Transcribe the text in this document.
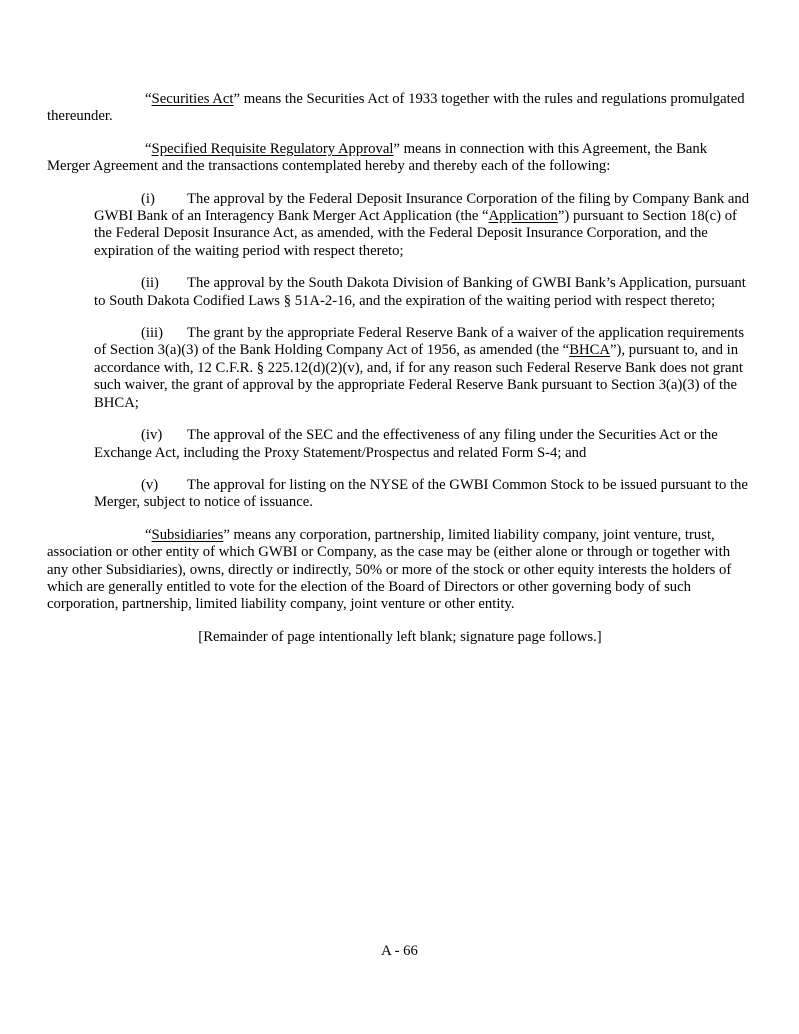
“Securities Act” means the Securities Act of 1933 together with the rules and regulations promulgated thereunder.

“Specified Requisite Regulatory Approval” means in connection with this Agreement, the Bank Merger Agreement and the transactions contemplated hereby and thereby each of the following:

(i) The approval by the Federal Deposit Insurance Corporation of the filing by Company Bank and GWBI Bank of an Interagency Bank Merger Act Application (the “Application”) pursuant to Section 18(c) of the Federal Deposit Insurance Act, as amended, with the Federal Deposit Insurance Corporation, and the expiration of the waiting period with respect thereto;

(ii) The approval by the South Dakota Division of Banking of GWBI Bank’s Application, pursuant to South Dakota Codified Laws § 51A-2-16, and the expiration of the waiting period with respect thereto;

(iii) The grant by the appropriate Federal Reserve Bank of a waiver of the application requirements of Section 3(a)(3) of the Bank Holding Company Act of 1956, as amended (the “BHCA”), pursuant to, and in accordance with, 12 C.F.R. § 225.12(d)(2)(v), and, if for any reason such Federal Reserve Bank does not grant such waiver, the grant of approval by the appropriate Federal Reserve Bank pursuant to Section 3(a)(3) of the BHCA;

(iv) The approval of the SEC and the effectiveness of any filing under the Securities Act or the Exchange Act, including the Proxy Statement/Prospectus and related Form S-4; and

(v) The approval for listing on the NYSE of the GWBI Common Stock to be issued pursuant to the Merger, subject to notice of issuance.

“Subsidiaries” means any corporation, partnership, limited liability company, joint venture, trust, association or other entity of which GWBI or Company, as the case may be (either alone or through or together with any other Subsidiaries), owns, directly or indirectly, 50% or more of the stock or other equity interests the holders of which are generally entitled to vote for the election of the Board of Directors or other governing body of such corporation, partnership, limited liability company, joint venture or other entity.

[Remainder of page intentionally left blank; signature page follows.]

A - 66
